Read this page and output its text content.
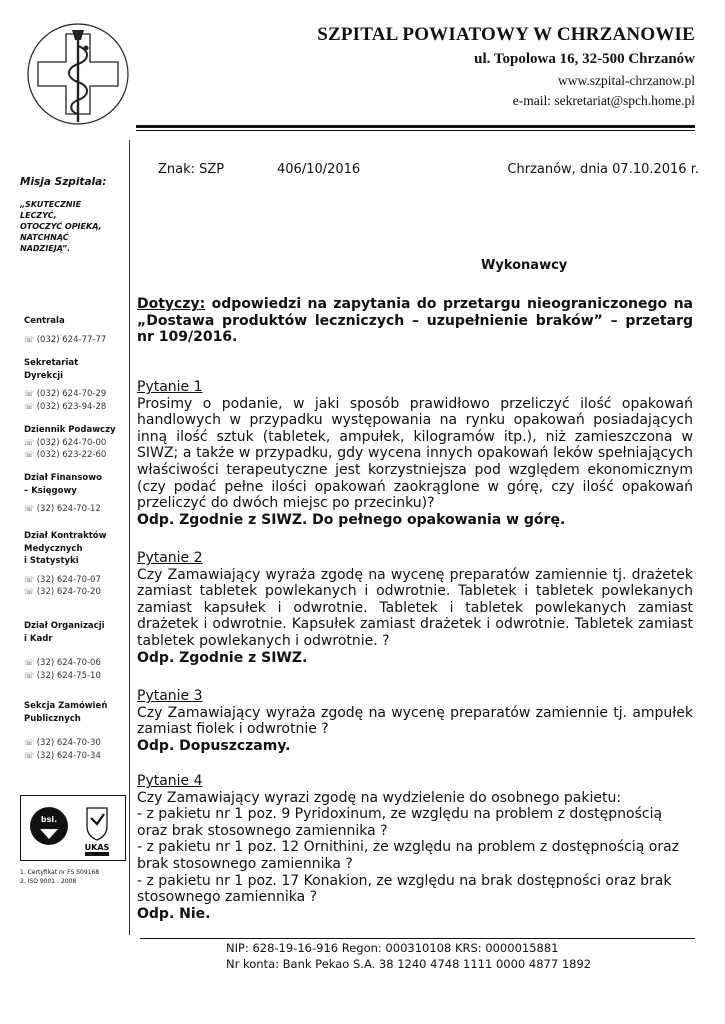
SZPITAL POWIATOWY W CHRZANOWIE
ul. Topolowa 16, 32-500 Chrzanów
www.szpital-chrzanow.pl
e-mail: sekretariat@spch.home.pl
Misja Szpitala:
„SKUTECZNIE
LECZYĆ,
OTOCZYĆ OPIEKĄ,
NATCHNĄĆ
NADZIEJĄ”.
Centrala
☏ (032) 624-77-77
Sekretariat
Dyrekcji
☏ (032) 624-70-29
☏ (032) 623-94-28
Dziennik Podawczy
☏ (032) 624-70-00
☏ (032) 623-22-60
Dział Finansowo
– Księgowy
☏ (32) 624-70-12
Dział Kontraktów
Medycznych
i Statystyki
☏ (32) 624-70-07
☏ (32) 624-70-20
Dział Organizacji
i Kadr
☏ (32) 624-70-06
☏ (32) 624-75-10
Sekcja Zamówień
Publicznych
☏ (32) 624-70-30
☏ (32) 624-70-34
bsi.
UKAS
1. Certyfikat nr FS 509168
2. ISO 9001 : 2008
Znak: SZP	406/10/2016	Chrzanów, dnia 07.10.2016 r.
Wykonawcy
Dotyczy: odpowiedzi na zapytania do przetargu nieograniczonego na „Dostawa produktów leczniczych – uzupełnienie braków” – przetarg nr 109/2016.
Pytanie 1
Prosimy o podanie, w jaki sposób prawidłowo przeliczyć ilość opakowań handlowych w przypadku występowania na rynku opakowań posiadających inną ilość sztuk (tabletek, ampułek, kilogramów itp.), niż zamieszczona w SIWZ; a także w przypadku, gdy wycena innych opakowań leków spełniających właściwości terapeutyczne jest korzystniejsza pod względem ekonomicznym (czy podać pełne ilości opakowań zaokrąglone w górę, czy ilość opakowań przeliczyć do dwóch miejsc po przecinku)?
Odp. Zgodnie z SIWZ. Do pełnego opakowania w górę.
Pytanie 2
Czy Zamawiający wyraża zgodę na wycenę preparatów zamiennie tj. drażetek zamiast tabletek powlekanych i odwrotnie. Tabletek i tabletek powlekanych zamiast kapsułek i odwrotnie. Tabletek i tabletek powlekanych zamiast drażetek i odwrotnie. Kapsułek zamiast drażetek i odwrotnie. Tabletek zamiast tabletek powlekanych i odwrotnie. ?
Odp. Zgodnie z SIWZ.
Pytanie 3
Czy Zamawiający wyraża zgodę na wycenę preparatów zamiennie tj. ampułek zamiast fiolek i odwrotnie ?
Odp. Dopuszczamy.
Pytanie 4
Czy Zamawiający wyrazi zgodę na wydzielenie do osobnego pakietu:
- z pakietu nr 1 poz. 9 Pyridoxinum, ze względu na problem z dostępnością oraz brak stosownego zamiennika ?
- z pakietu nr 1 poz. 12 Ornithini, ze względu na problem z dostępnością oraz brak stosownego zamiennika ?
- z pakietu nr 1 poz. 17 Konakion, ze względu na brak dostępności oraz brak stosownego zamiennika ?
Odp. Nie.
NIP: 628-19-16-916 Regon: 000310108 KRS: 0000015881
Nr konta: Bank Pekao S.A. 38 1240 4748 1111 0000 4877 1892
